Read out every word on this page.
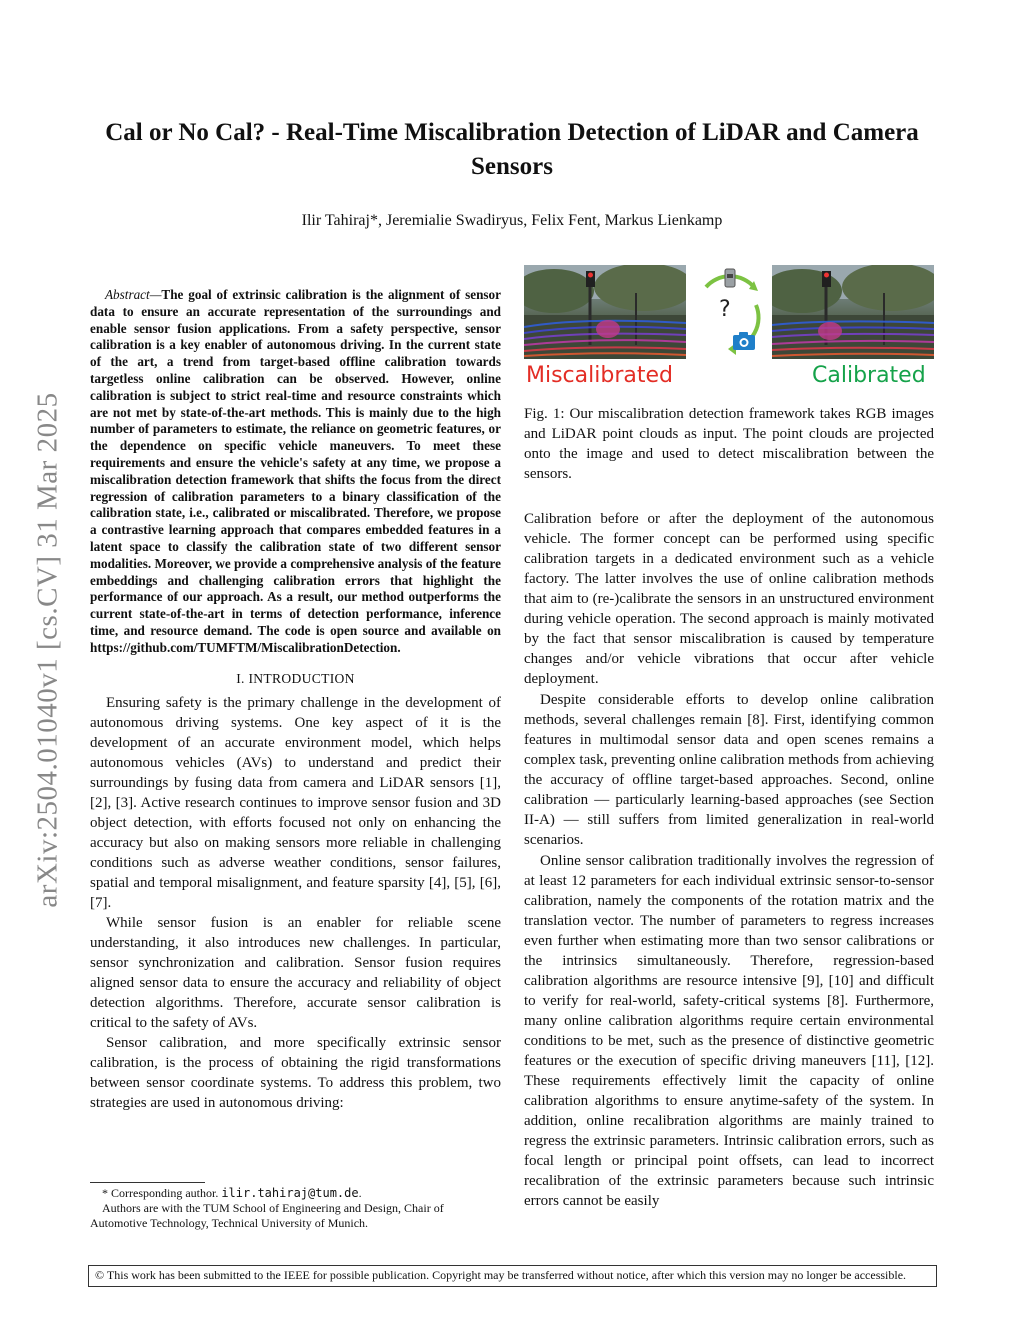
arXiv:2504.01040v1 [cs.CV] 31 Mar 2025
Cal or No Cal? - Real-Time Miscalibration Detection of LiDAR and Camera Sensors
Ilir Tahiraj*, Jeremialie Swadiryus, Felix Fent, Markus Lienkamp

Abstract—The goal of extrinsic calibration is the alignment of sensor data to ensure an accurate representation of the surroundings and enable sensor fusion applications. From a safety perspective, sensor calibration is a key enabler of autonomous driving. In the current state of the art, a trend from target-based offline calibration towards targetless online calibration can be observed. However, online calibration is subject to strict real-time and resource constraints which are not met by state-of-the-art methods. This is mainly due to the high number of parameters to estimate, the reliance on geometric features, or the dependence on specific vehicle maneuvers. To meet these requirements and ensure the vehicle's safety at any time, we propose a miscalibration detection framework that shifts the focus from the direct regression of calibration parameters to a binary classification of the calibration state, i.e., calibrated or miscalibrated. Therefore, we propose a contrastive learning approach that compares embedded features in a latent space to classify the calibration state of two different sensor modalities. Moreover, we provide a comprehensive analysis of the feature embeddings and challenging calibration errors that highlight the performance of our approach. As a result, our method outperforms the current state-of-the-art in terms of detection performance, inference time, and resource demand. The code is open source and available on https://github.com/TUMFTM/MiscalibrationDetection.

I. INTRODUCTION

Ensuring safety is the primary challenge in the development of autonomous driving systems. One key aspect of it is the development of an accurate environment model, which helps autonomous vehicles (AVs) to understand and predict their surroundings by fusing data from camera and LiDAR sensors [1], [2], [3]. Active research continues to improve sensor fusion and 3D object detection, with efforts focused not only on enhancing the accuracy but also on making sensors more reliable in challenging conditions such as adverse weather conditions, sensor failures, spatial and temporal misalignment, and feature sparsity [4], [5], [6], [7].

While sensor fusion is an enabler for reliable scene understanding, it also introduces new challenges. In particular, sensor synchronization and calibration. Sensor fusion requires aligned sensor data to ensure the accuracy and reliability of object detection algorithms. Therefore, accurate sensor calibration is critical to the safety of AVs.

Sensor calibration, and more specifically extrinsic sensor calibration, is the process of obtaining the rigid transformations between sensor coordinate systems. To address this problem, two strategies are used in autonomous driving:

* Corresponding author. ilir.tahiraj@tum.de.

Authors are with the TUM School of Engineering and Design, Chair of Automotive Technology, Technical University of Munich.

?
Miscalibrated	Calibrated

Fig. 1: Our miscalibration detection framework takes RGB images and LiDAR point clouds as input. The point clouds are projected onto the image and used to detect miscalibration between the sensors.

Calibration before or after the deployment of the autonomous vehicle. The former concept can be performed using specific calibration targets in a dedicated environment such as a vehicle factory. The latter involves the use of online calibration methods that aim to (re-)calibrate the sensors in an unstructured environment during vehicle operation. The second approach is mainly motivated by the fact that sensor miscalibration is caused by temperature changes and/or vehicle vibrations that occur after vehicle deployment.

Despite considerable efforts to develop online calibration methods, several challenges remain [8]. First, identifying common features in multimodal sensor data and open scenes remains a complex task, preventing online calibration methods from achieving the accuracy of offline target-based approaches. Second, online calibration — particularly learning-based approaches (see Section II-A) — still suffers from limited generalization in real-world scenarios.

Online sensor calibration traditionally involves the regression of at least 12 parameters for each individual extrinsic sensor-to-sensor calibration, namely the components of the rotation matrix and the translation vector. The number of parameters to regress increases even further when estimating more than two sensor calibrations or the intrinsics simultaneously. Therefore, regression-based calibration algorithms are resource intensive [9], [10] and difficult to verify for real-world, safety-critical systems [8]. Furthermore, many online calibration algorithms require certain environmental conditions to be met, such as the presence of distinctive geometric features or the execution of specific driving maneuvers [11], [12]. These requirements effectively limit the capacity of online calibration algorithms to ensure anytime-safety of the system. In addition, online recalibration algorithms are mainly trained to regress the extrinsic parameters. Intrinsic calibration errors, such as focal length or principal point offsets, can lead to incorrect recalibration of the extrinsic parameters because such intrinsic errors cannot be easily

© This work has been submitted to the IEEE for possible publication. Copyright may be transferred without notice, after which this version may no longer be accessible.
